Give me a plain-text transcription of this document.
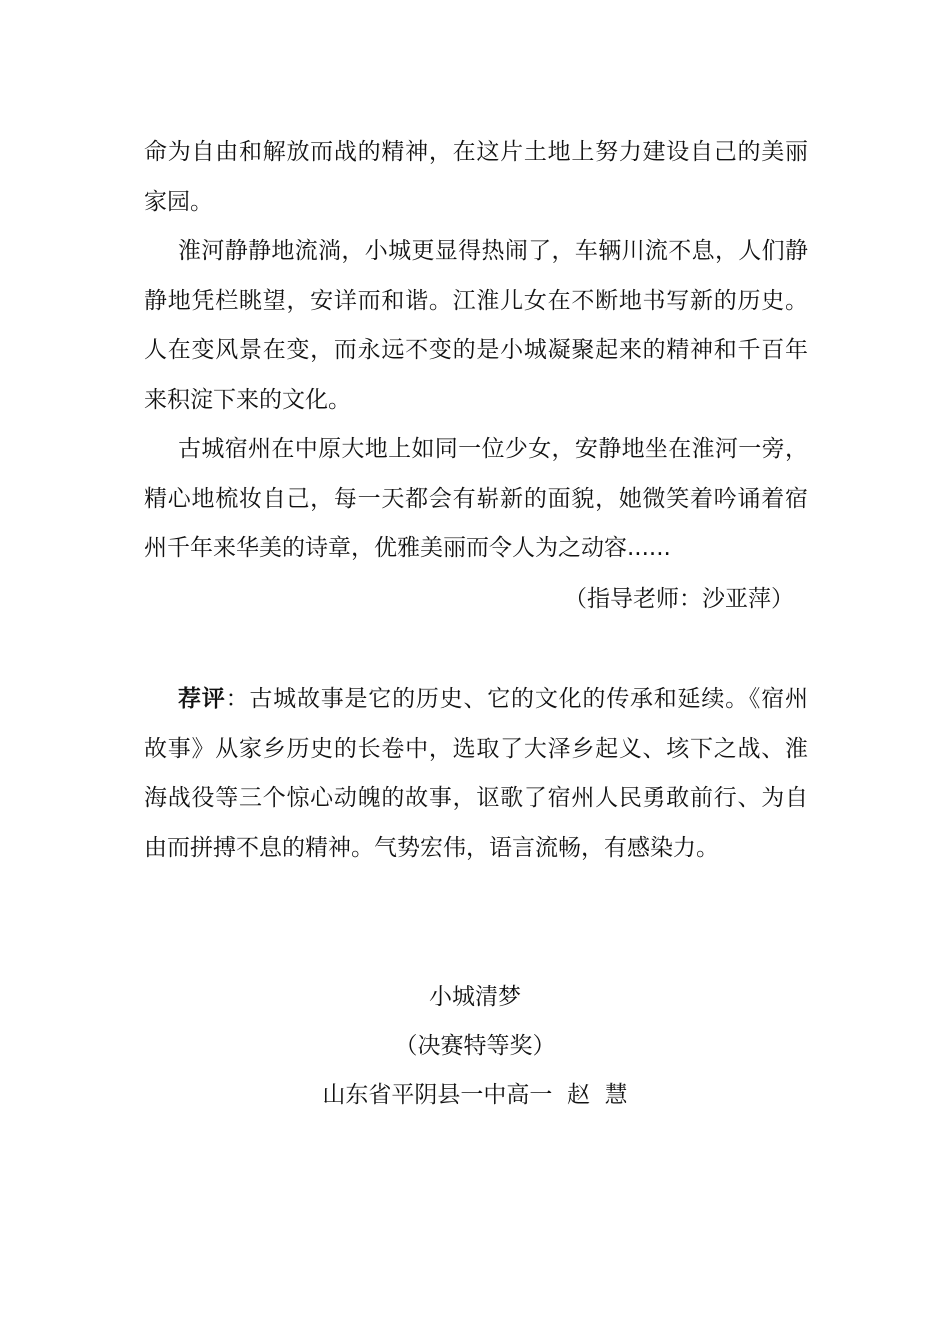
命为自由和解放而战的精神，在这片土地上努力建设自己的美丽家园。

淮河静静地流淌，小城更显得热闹了，车辆川流不息，人们静静地凭栏眺望，安详而和谐。江淮儿女在不断地书写新的历史。人在变风景在变，而永远不变的是小城凝聚起来的精神和千百年来积淀下来的文化。

古城宿州在中原大地上如同一位少女，安静地坐在淮河一旁，精心地梳妆自己，每一天都会有崭新的面貌，她微笑着吟诵着宿州千年来华美的诗章，优雅美丽而令人为之动容......

（指导老师：沙亚萍）

荐评：古城故事是它的历史、它的文化的传承和延续。《宿州故事》从家乡历史的长卷中，选取了大泽乡起义、垓下之战、淮海战役等三个惊心动魄的故事，讴歌了宿州人民勇敢前行、为自由而拼搏不息的精神。气势宏伟，语言流畅，有感染力。

小城清梦

（决赛特等奖）

山东省平阴县一中高一  赵  慧
